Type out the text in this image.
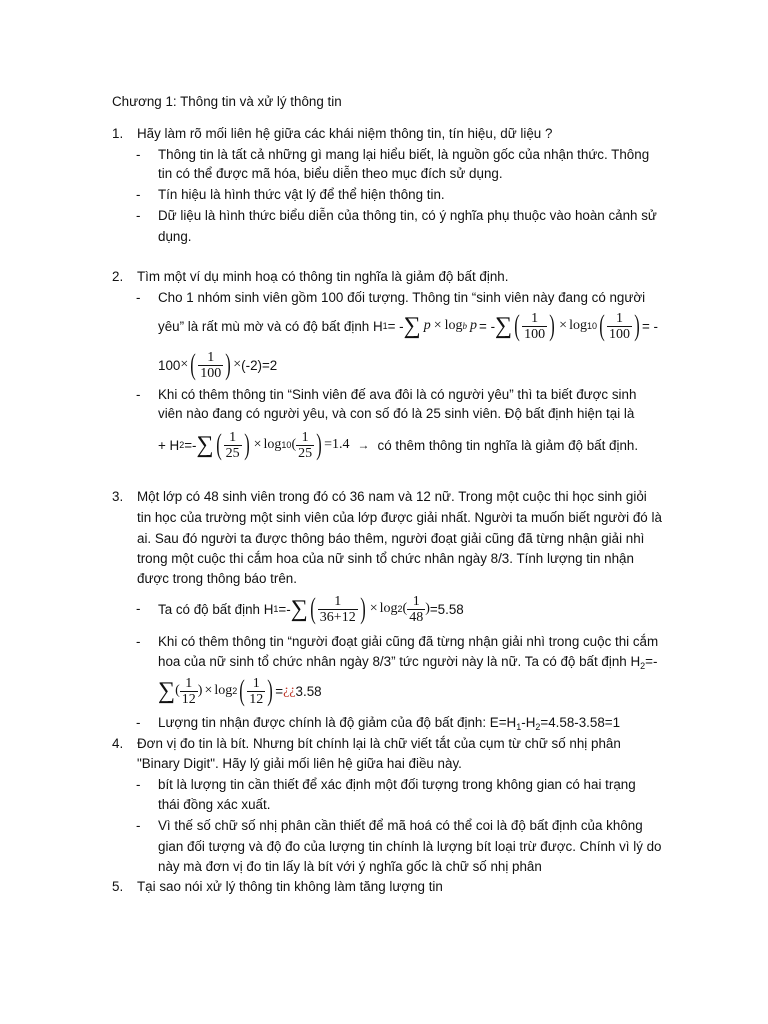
Chương 1: Thông tin và xử lý thông tin
1. Hãy làm rõ mối liên hệ giữa các khái niệm thông tin, tín hiệu, dữ liệu ?
- Thông tin là tất cả những gì mang lại hiểu biết, là nguồn gốc của nhận thức. Thông
tin có thể được mã hóa, biểu diễn theo mục đích sử dụng.
- Tín hiệu là hình thức vật lý để thể hiện thông tin.
- Dữ liệu là hình thức biểu diễn của thông tin, có ý nghĩa phụ thuộc vào hoàn cảnh sử
dụng.
2. Tìm một ví dụ minh hoạ có thông tin nghĩa là giảm độ bất định.
- Cho 1 nhóm sinh viên gồm 100 đối tượng. Thông tin “sinh viên này đang có người
yêu” là rất mù mờ và có độ bất định H 1 = - ∑ p × log b p = - ∑ ( $\frac{1}{100}$ ) × log 10 ( $\frac{1}{100}$ ) = -
100 × ( $\frac{1}{100}$ ) × (-2)=2
- Khi có thêm thông tin “Sinh viên đế ava đôi là có người yêu” thì ta biết được sinh
viên nào đang có người yêu, và con số đó là 25 sinh viên. Độ bất định hiện tại là
+ H 2 =- ∑ ( $\frac{1}{25}$ ) × log 10 ( $\frac{1}{25}$ ) =1.4 → có thêm thông tin nghĩa là giảm độ bất định.
3. Một lớp có 48 sinh viên trong đó có 36 nam và 12 nữ. Trong một cuộc thi học sinh giỏi
tin học của trường một sinh viên của lớp được giải nhất. Người ta muốn biết người đó là
ai. Sau đó người ta được thông báo thêm, người đoạt giải cũng đã từng nhận giải nhì
trong một cuộc thi cắm hoa của nữ sinh tổ chức nhân ngày 8/3. Tính lượng tin nhận
được trong thông báo trên.
- Ta có độ bất định H 1 =- ∑ ( $\frac{1}{36+12}$ ) × log 2 ( $\frac{1}{48}$ ) =5.58
- Khi có thêm thông tin “người đoạt giải cũng đã từng nhận giải nhì trong cuộc thi cắm
hoa của nữ sinh tổ chức nhân ngày 8/3” tức người này là nữ. Ta có độ bất định $H_2=-$
∑ ( $\frac{1}{12}$ ) × log 2 ( $\frac{1}{12}$ ) = ¿¿ 3.58
- Lượng tin nhận được chính là độ giảm của độ bất định: $E=H_1-H_2=4.58-3.58=1$
4. Đơn vị đo tin là bít. Nhưng bít chính lại là chữ viết tắt của cụm từ chữ số nhị phân
"Binary Digit". Hãy lý giải mối liên hệ giữa hai điều này.
- bít là lượng tin cần thiết để xác định một đối tượng trong không gian có hai trạng
thái đồng xác xuất.
- Vì thế số chữ số nhị phân cần thiết để mã hoá có thể coi là độ bất định của không
gian đối tượng và độ đo của lượng tin chính là lượng bít loại trừ được. Chính vì lý do
này mà đơn vị đo tin lấy là bít với ý nghĩa gốc là chữ số nhị phân
5. Tại sao nói xử lý thông tin không làm tăng lượng tin
